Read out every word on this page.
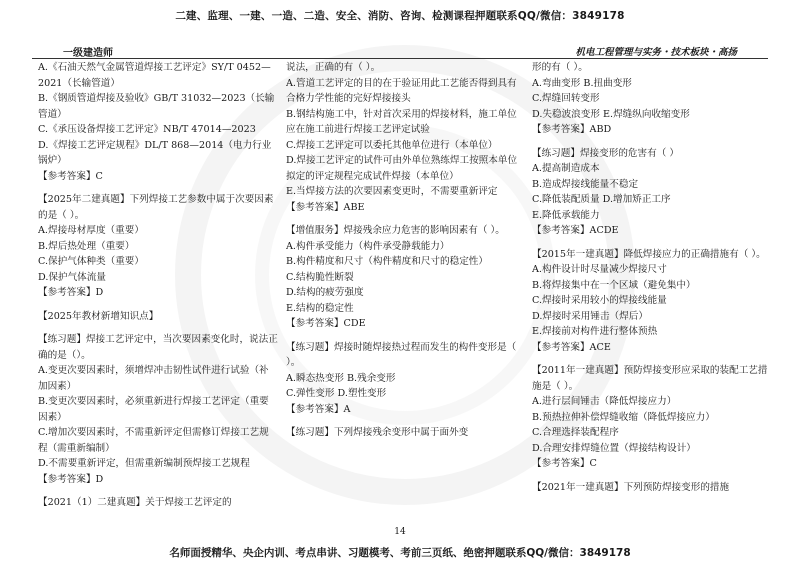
二建、监理、一建、一造、二造、安全、消防、咨询、检测课程押题联系QQ/微信：3849178
一级建造师	机电工程管理与实务・技术板块・高扬

A.《石油天然气金属管道焊接工艺评定》SY/T 0452—2021（长输管道）

B.《钢质管道焊接及验收》GB/T 31032—2023（长输管道）

C.《承压设备焊接工艺评定》NB/T 47014—2023

D.《焊接工艺评定规程》DL/T 868—2014（电力行业锅炉）

【参考答案】C

【2025年二建真题】下列焊接工艺参数中属于次要因素的是（ ）。

A.焊接母材厚度（重要）

B.焊后热处理（重要）

C.保护气体种类（重要）

D.保护气体流量

【参考答案】D

【2025年教材新增知识点】

【练习题】焊接工艺评定中，当次要因素变化时，说法正确的是（）。

A.变更次要因素时，须增焊冲击韧性试件进行试验（补加因素）

B.变更次要因素时，必须重新进行焊接工艺评定（重要因素）

C.增加次要因素时，不需重新评定但需修订焊接工艺规程（需重新编制）

D.不需要重新评定，但需重新编制预焊接工艺规程

【参考答案】D

【2021（1）二建真题】关于焊接工艺评定的

说法，正确的有（ ）。

A.管道工艺评定的目的在于验证用此工艺能否得到具有合格力学性能的完好焊接接头

B.钢结构施工中，针对首次采用的焊接材料，施工单位应在施工前进行焊接工艺评定试验

C.焊接工艺评定可以委托其他单位进行（本单位）

D.焊接工艺评定的试件可由外单位熟练焊工按照本单位拟定的评定规程完成试件焊接（本单位）

E.当焊接方法的次要因素变更时，不需要重新评定

【参考答案】ABE

【增值服务】焊接残余应力危害的影响因素有（ ）。

A.构件承受能力（构件承受静载能力）

B.构件精度和尺寸（构件精度和尺寸的稳定性）

C.结构脆性断裂

D.结构的疲劳强度

E.结构的稳定性

【参考答案】CDE

【练习题】焊接时随焊接热过程而发生的构件变形是（ ）。

A.瞬态热变形 B.残余变形

C.弹性变形 D.塑性变形

【参考答案】A

【练习题】下列焊接残余变形中属于面外变

形的有（ ）。

A.弯曲变形 B.扭曲变形

C.焊缝回转变形

D.失稳波浪变形 E.焊缝纵向收缩变形

【参考答案】ABD

【练习题】焊接变形的危害有（ ）

A.提高制造成本

B.造成焊接线能量不稳定

C.降低装配质量 D.增加矫正工序

E.降低承载能力

【参考答案】ACDE

【2015年一建真题】降低焊接应力的正确措施有（ ）。

A.构件设计时尽量减少焊接尺寸

B.将焊接集中在一个区域（避免集中）

C.焊接时采用较小的焊接线能量

D.焊接时采用锤击（焊后）

E.焊接前对构件进行整体预热

【参考答案】ACE

【2011年一建真题】预防焊接变形应采取的装配工艺措施是（ ）。

A.进行层间锤击（降低焊接应力）

B.预热拉伸补偿焊缝收缩（降低焊接应力）

C.合理选择装配程序

D.合理安排焊缝位置（焊接结构设计）

【参考答案】C

【2021年一建真题】下列预防焊接变形的措施

14
名师面授精华、央企内训、考点串讲、习题模考、考前三页纸、绝密押题联系QQ/微信：3849178
